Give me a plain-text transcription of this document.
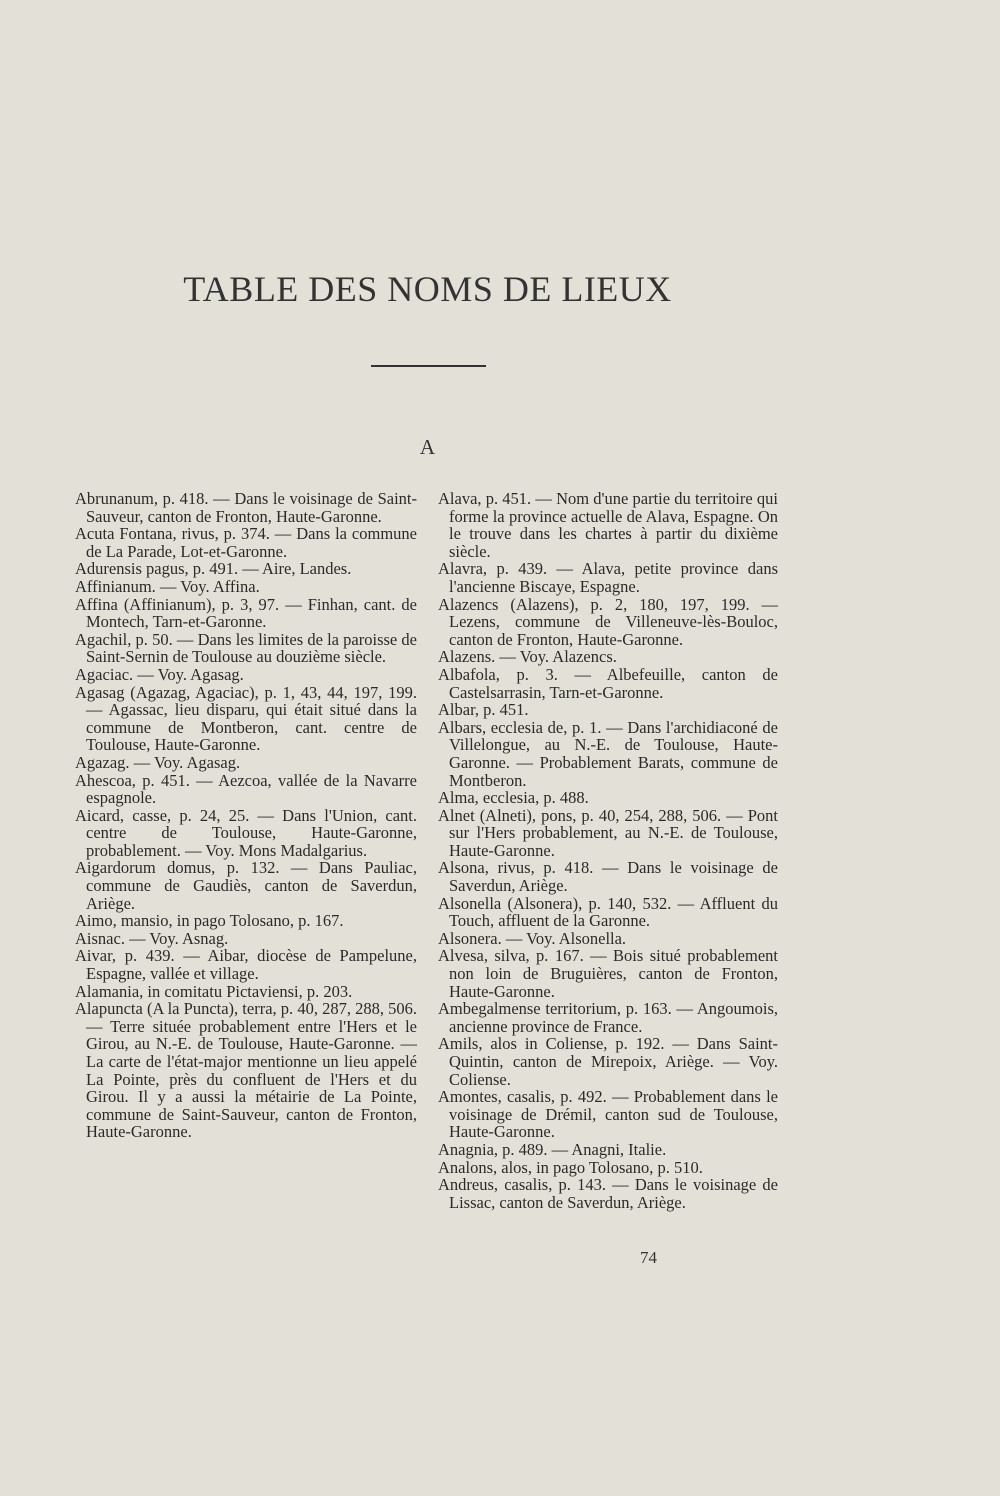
TABLE DES NOMS DE LIEUX
A

Abrunanum, p. 418. — Dans le voisinage de Saint-Sauveur, canton de Fronton, Haute-Garonne.

Acuta Fontana, rivus, p. 374. — Dans la commune de La Parade, Lot-et-Garonne.

Adurensis pagus, p. 491. — Aire, Landes.

Affinianum. — Voy. Affina.

Affina (Affinianum), p. 3, 97. — Finhan, cant. de Montech, Tarn-et-Garonne.

Agachil, p. 50. — Dans les limites de la paroisse de Saint-Sernin de Toulouse au douzième siècle.

Agaciac. — Voy. Agasag.

Agasag (Agazag, Agaciac), p. 1, 43, 44, 197, 199. — Agassac, lieu disparu, qui était situé dans la commune de Montberon, cant. centre de Toulouse, Haute-Garonne.

Agazag. — Voy. Agasag.

Ahescoa, p. 451. — Aezcoa, vallée de la Navarre espagnole.

Aicard, casse, p. 24, 25. — Dans l'Union, cant. centre de Toulouse, Haute-Garonne, probablement. — Voy. Mons Madalgarius.

Aigardorum domus, p. 132. — Dans Pauliac, commune de Gaudiès, canton de Saverdun, Ariège.

Aimo, mansio, in pago Tolosano, p. 167.

Aisnac. — Voy. Asnag.

Aivar, p. 439. — Aibar, diocèse de Pampelune, Espagne, vallée et village.

Alamania, in comitatu Pictaviensi, p. 203.

Alapuncta (A la Puncta), terra, p. 40, 287, 288, 506. — Terre située probablement entre l'Hers et le Girou, au N.-E. de Toulouse, Haute-Garonne. — La carte de l'état-major mentionne un lieu appelé La Pointe, près du confluent de l'Hers et du Girou. Il y a aussi la métairie de La Pointe, commune de Saint-Sauveur, canton de Fronton, Haute-Garonne.

Alava, p. 451. — Nom d'une partie du territoire qui forme la province actuelle de Alava, Espagne. On le trouve dans les chartes à partir du dixième siècle.

Alavra, p. 439. — Alava, petite province dans l'ancienne Biscaye, Espagne.

Alazencs (Alazens), p. 2, 180, 197, 199. — Lezens, commune de Villeneuve-lès-Bouloc, canton de Fronton, Haute-Garonne.

Alazens. — Voy. Alazencs.

Albafola, p. 3. — Albefeuille, canton de Castelsarrasin, Tarn-et-Garonne.

Albar, p. 451.

Albars, ecclesia de, p. 1. — Dans l'archidiaconé de Villelongue, au N.-E. de Toulouse, Haute-Garonne. — Probablement Barats, commune de Montberon.

Alma, ecclesia, p. 488.

Alnet (Alneti), pons, p. 40, 254, 288, 506. — Pont sur l'Hers probablement, au N.-E. de Toulouse, Haute-Garonne.

Alsona, rivus, p. 418. — Dans le voisinage de Saverdun, Ariège.

Alsonella (Alsonera), p. 140, 532. — Affluent du Touch, affluent de la Garonne.

Alsonera. — Voy. Alsonella.

Alvesa, silva, p. 167. — Bois situé probablement non loin de Bruguières, canton de Fronton, Haute-Garonne.

Ambegalmense territorium, p. 163. — Angoumois, ancienne province de France.

Amils, alos in Coliense, p. 192. — Dans Saint-Quintin, canton de Mirepoix, Ariège. — Voy. Coliense.

Amontes, casalis, p. 492. — Probablement dans le voisinage de Drémil, canton sud de Toulouse, Haute-Garonne.

Anagnia, p. 489. — Anagni, Italie.

Analons, alos, in pago Tolosano, p. 510.

Andreus, casalis, p. 143. — Dans le voisinage de Lissac, canton de Saverdun, Ariège.

74
